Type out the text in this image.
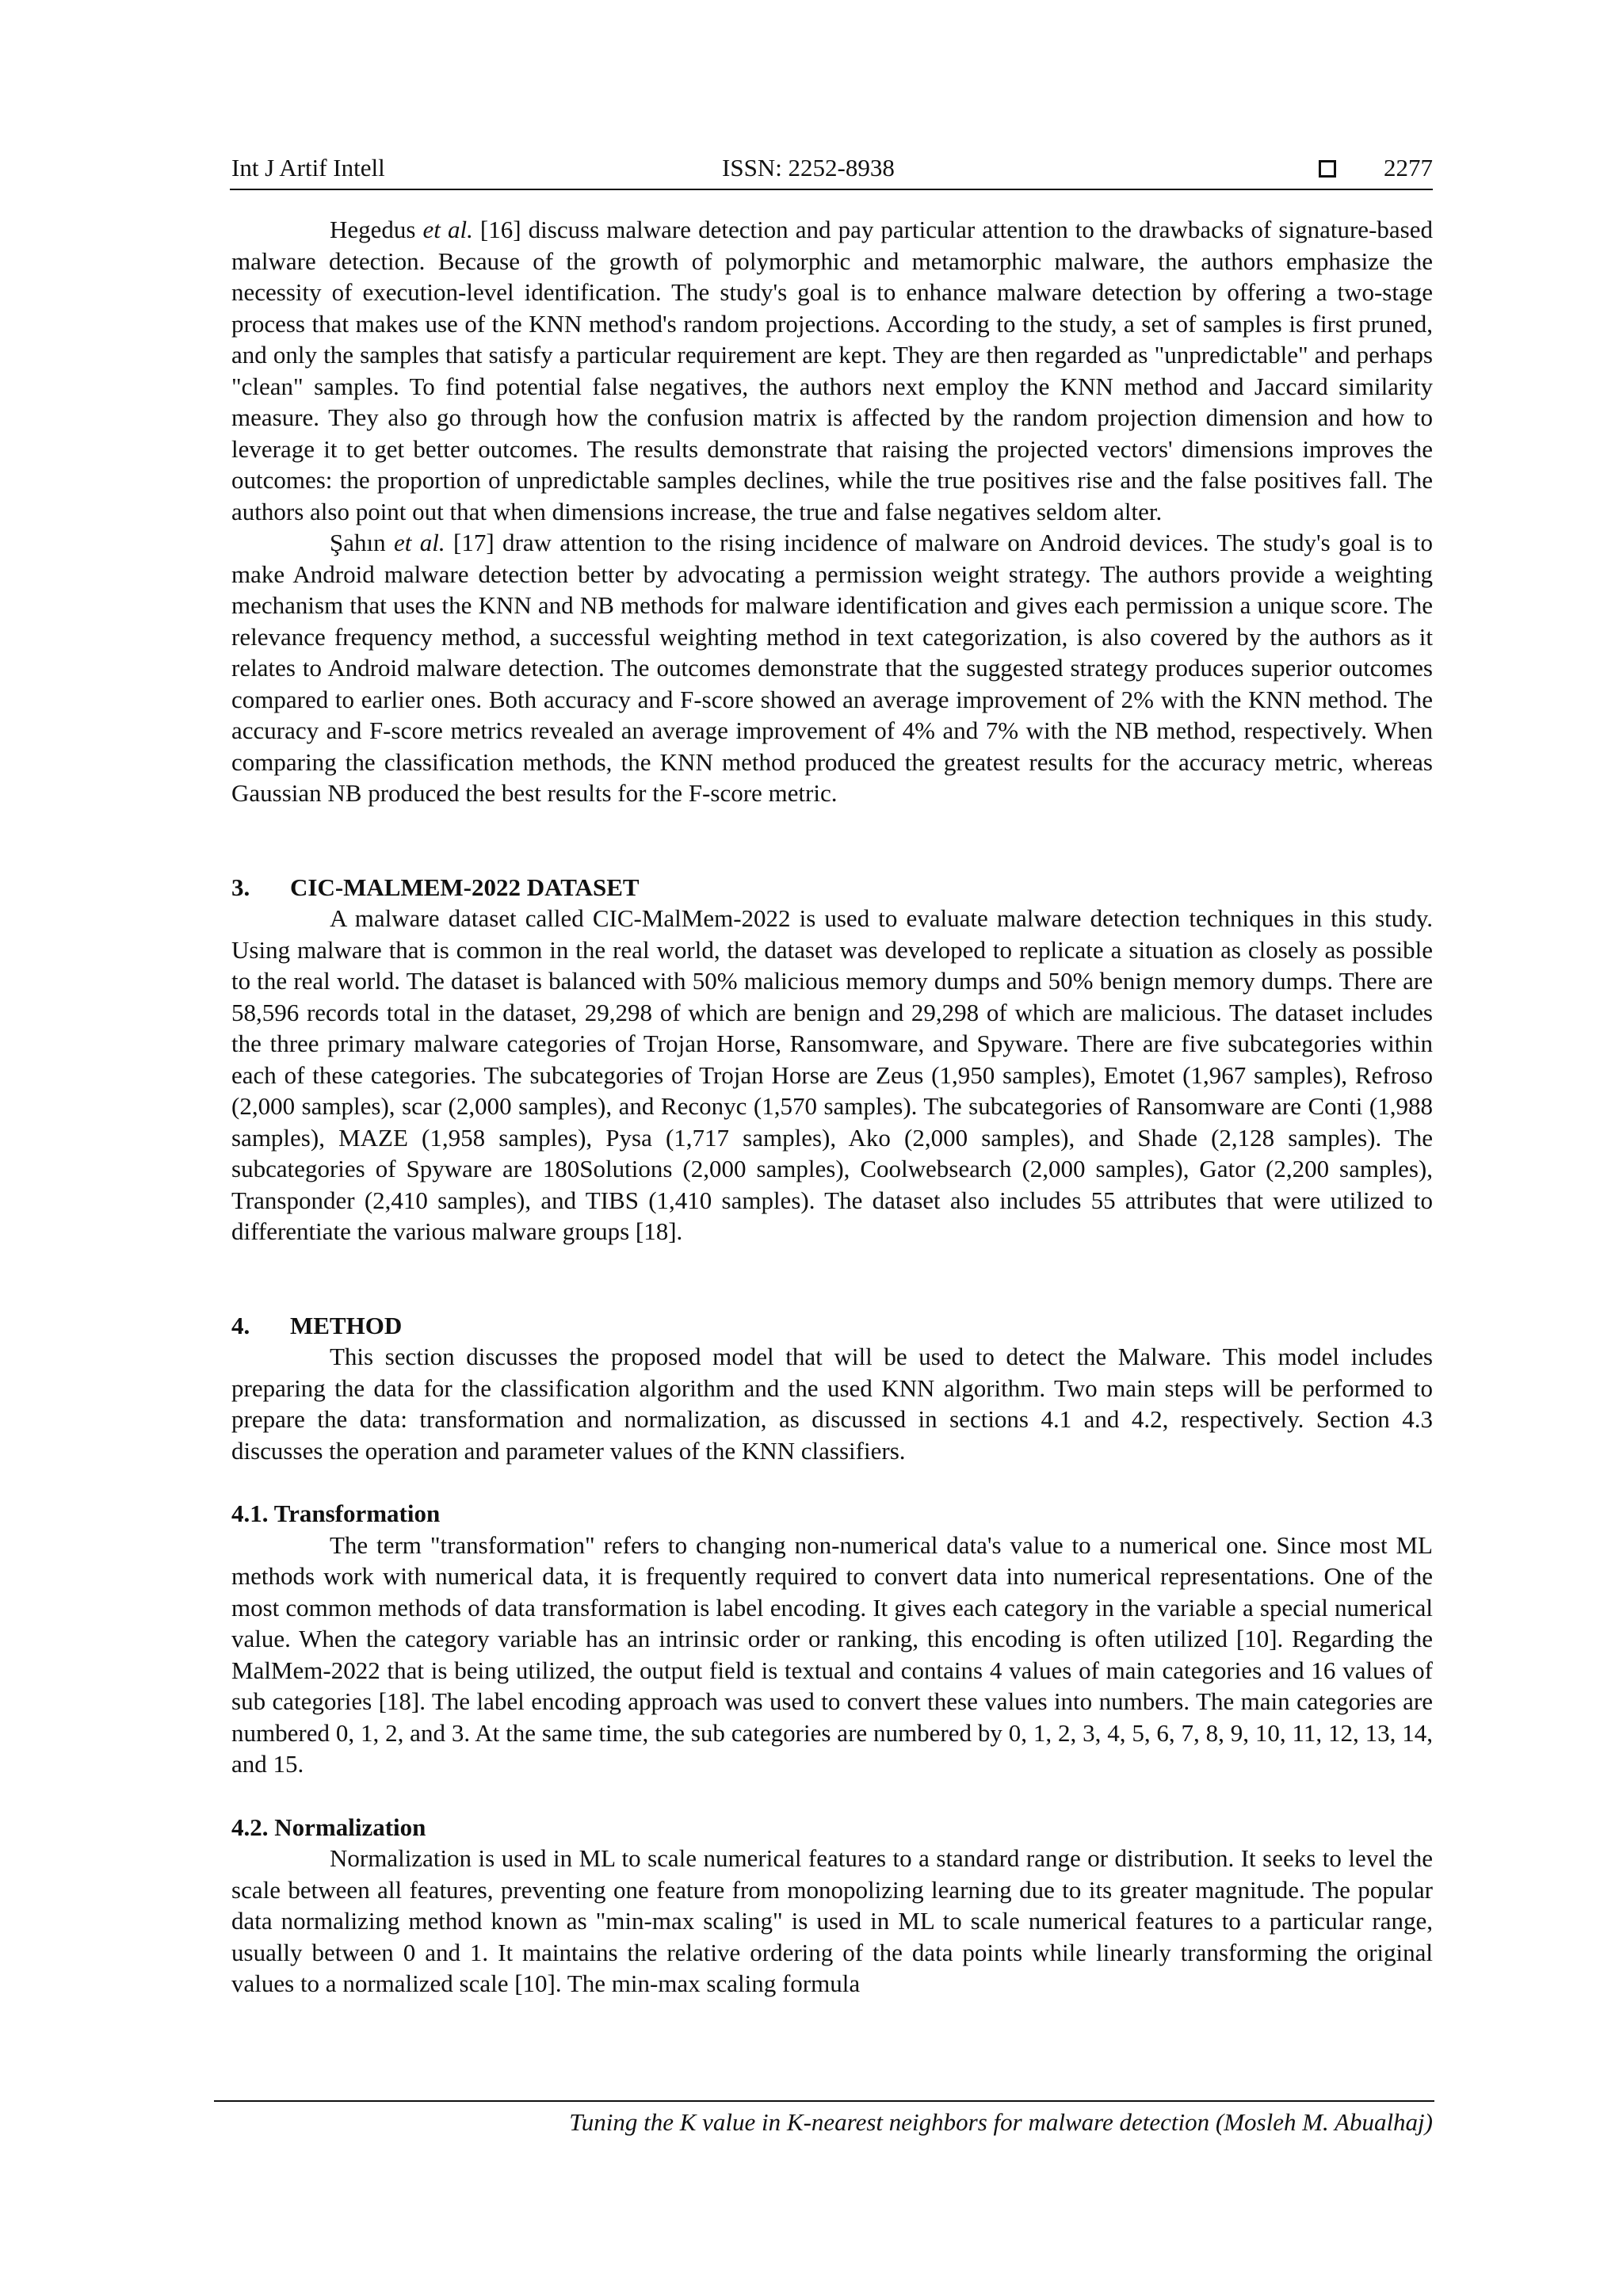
Int J Artif Intell	ISSN: 2252-8938	2277

Hegedus et al. [16] discuss malware detection and pay particular attention to the drawbacks of signature-based malware detection. Because of the growth of polymorphic and metamorphic malware, the authors emphasize the necessity of execution-level identification. The study's goal is to enhance malware detection by offering a two-stage process that makes use of the KNN method's random projections. According to the study, a set of samples is first pruned, and only the samples that satisfy a particular requirement are kept. They are then regarded as "unpredictable" and perhaps "clean" samples. To find potential false negatives, the authors next employ the KNN method and Jaccard similarity measure. They also go through how the confusion matrix is affected by the random projection dimension and how to leverage it to get better outcomes. The results demonstrate that raising the projected vectors' dimensions improves the outcomes: the proportion of unpredictable samples declines, while the true positives rise and the false positives fall. The authors also point out that when dimensions increase, the true and false negatives seldom alter.

Şahın et al. [17] draw attention to the rising incidence of malware on Android devices. The study's goal is to make Android malware detection better by advocating a permission weight strategy. The authors provide a weighting mechanism that uses the KNN and NB methods for malware identification and gives each permission a unique score. The relevance frequency method, a successful weighting method in text categorization, is also covered by the authors as it relates to Android malware detection. The outcomes demonstrate that the suggested strategy produces superior outcomes compared to earlier ones. Both accuracy and F-score showed an average improvement of 2% with the KNN method. The accuracy and F-score metrics revealed an average improvement of 4% and 7% with the NB method, respectively. When comparing the classification methods, the KNN method produced the greatest results for the accuracy metric, whereas Gaussian NB produced the best results for the F-score metric.

3. CIC-MALMEM-2022 DATASET

A malware dataset called CIC-MalMem-2022 is used to evaluate malware detection techniques in this study. Using malware that is common in the real world, the dataset was developed to replicate a situation as closely as possible to the real world. The dataset is balanced with 50% malicious memory dumps and 50% benign memory dumps. There are 58,596 records total in the dataset, 29,298 of which are benign and 29,298 of which are malicious. The dataset includes the three primary malware categories of Trojan Horse, Ransomware, and Spyware. There are five subcategories within each of these categories. The subcategories of Trojan Horse are Zeus (1,950 samples), Emotet (1,967 samples), Refroso (2,000 samples), scar (2,000 samples), and Reconyc (1,570 samples). The subcategories of Ransomware are Conti (1,988 samples), MAZE (1,958 samples), Pysa (1,717 samples), Ako (2,000 samples), and Shade (2,128 samples). The subcategories of Spyware are 180Solutions (2,000 samples), Coolwebsearch (2,000 samples), Gator (2,200 samples), Transponder (2,410 samples), and TIBS (1,410 samples). The dataset also includes 55 attributes that were utilized to differentiate the various malware groups [18].

4. METHOD

This section discusses the proposed model that will be used to detect the Malware. This model includes preparing the data for the classification algorithm and the used KNN algorithm. Two main steps will be performed to prepare the data: transformation and normalization, as discussed in sections 4.1 and 4.2, respectively. Section 4.3 discusses the operation and parameter values of the KNN classifiers.

4.1. Transformation

The term "transformation" refers to changing non-numerical data's value to a numerical one. Since most ML methods work with numerical data, it is frequently required to convert data into numerical representations. One of the most common methods of data transformation is label encoding. It gives each category in the variable a special numerical value. When the category variable has an intrinsic order or ranking, this encoding is often utilized [10]. Regarding the MalMem-2022 that is being utilized, the output field is textual and contains 4 values of main categories and 16 values of sub categories [18]. The label encoding approach was used to convert these values into numbers. The main categories are numbered 0, 1, 2, and 3. At the same time, the sub categories are numbered by 0, 1, 2, 3, 4, 5, 6, 7, 8, 9, 10, 11, 12, 13, 14, and 15.

4.2. Normalization

Normalization is used in ML to scale numerical features to a standard range or distribution. It seeks to level the scale between all features, preventing one feature from monopolizing learning due to its greater magnitude. The popular data normalizing method known as "min-max scaling" is used in ML to scale numerical features to a particular range, usually between 0 and 1. It maintains the relative ordering of the data points while linearly transforming the original values to a normalized scale [10]. The min-max scaling formula

Tuning the K value in K-nearest neighbors for malware detection (Mosleh M. Abualhaj)
